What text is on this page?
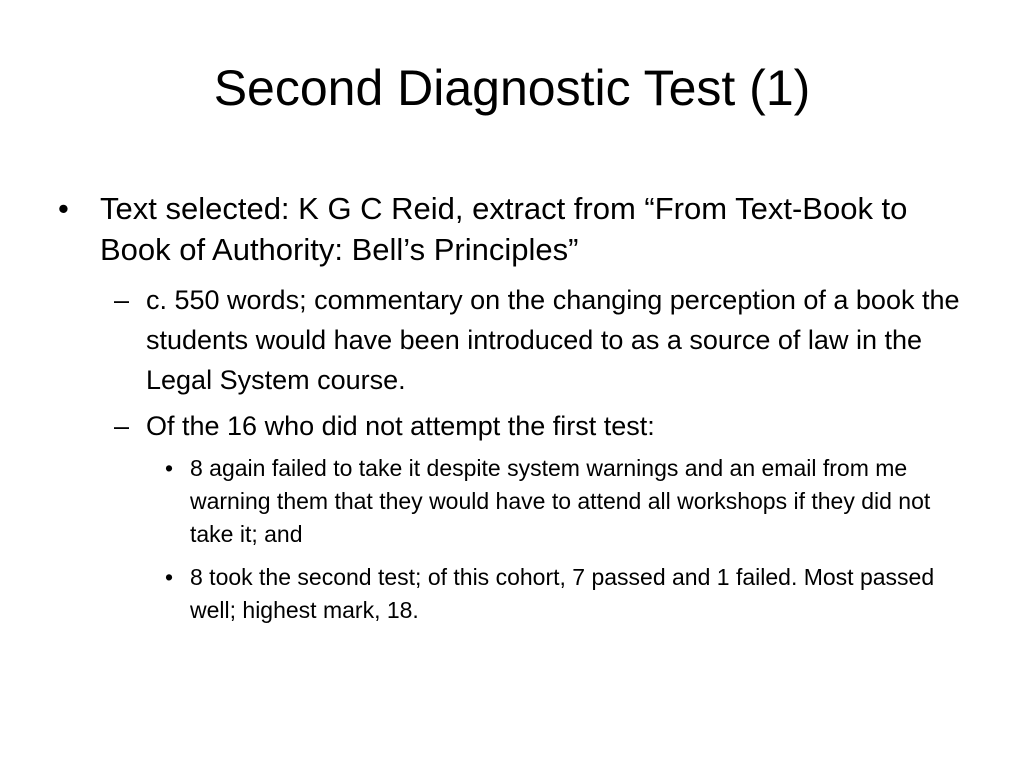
Second Diagnostic Test (1)
• Text selected: K G C Reid, extract from “From Text-Book to Book of Authority: Bell’s Principles”
– c. 550 words; commentary on the changing perception of a book the students would have been introduced to as a source of law in the Legal System course.
– Of the 16 who did not attempt the first test:
• 8 again failed to take it despite system warnings and an email from me warning them that they would have to attend all workshops if they did not take it; and
• 8 took the second test; of this cohort, 7 passed and 1 failed. Most passed well; highest mark, 18.
